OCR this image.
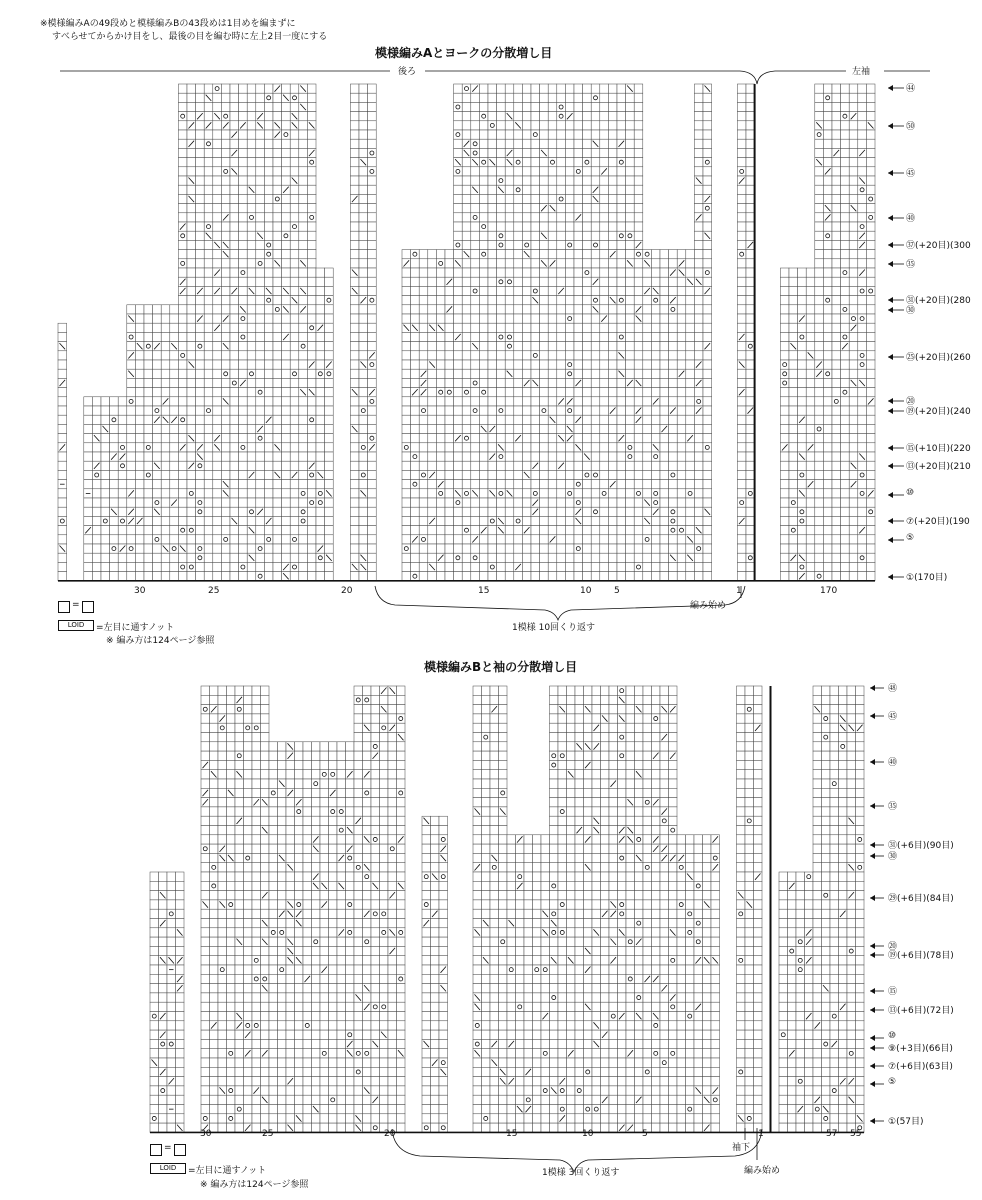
※模様編みAの49段めと模様編みBの43段めは1目めを編まずに
すべらせてからかけ目をし、最後の目を編む時に左上2目一度にする
模様編みAとヨークの分散増し目
後ろ	左袖
㊹
㊿
㊺
㊵
㊲(+20目)(300
㉟
㉛(+20目)(280
㉚
㉕(+20目)(260
⑳
⑲(+20目)(240
⑮(+10目)(220
⑬(+20目)(210
⑩
⑦(+20目)(190
⑤
①(170目)
30	25	20	15	10	5	1	170
編み始め
1模様 10回くり返す
=
LOID	=左目に通すノット
※ 編み方は124ページ参照
模様編みBと袖の分散増し目
㊽
㊺
㊵
㉟
㉛(+6目)(90目)
㉚
㉙(+6目)(84目)
⑳
⑲(+6目)(78目)
⑮
⑬(+6目)(72目)
⑩
⑨(+3目)(66目)
⑦(+6目)(63目)
⑤
①(57目)
30	25	20	15	10	5	1	57 55
袖下
編み始め
1模様 3回くり返す
=
LOID	=左目に通すノット
※ 編み方は124ページ参照
